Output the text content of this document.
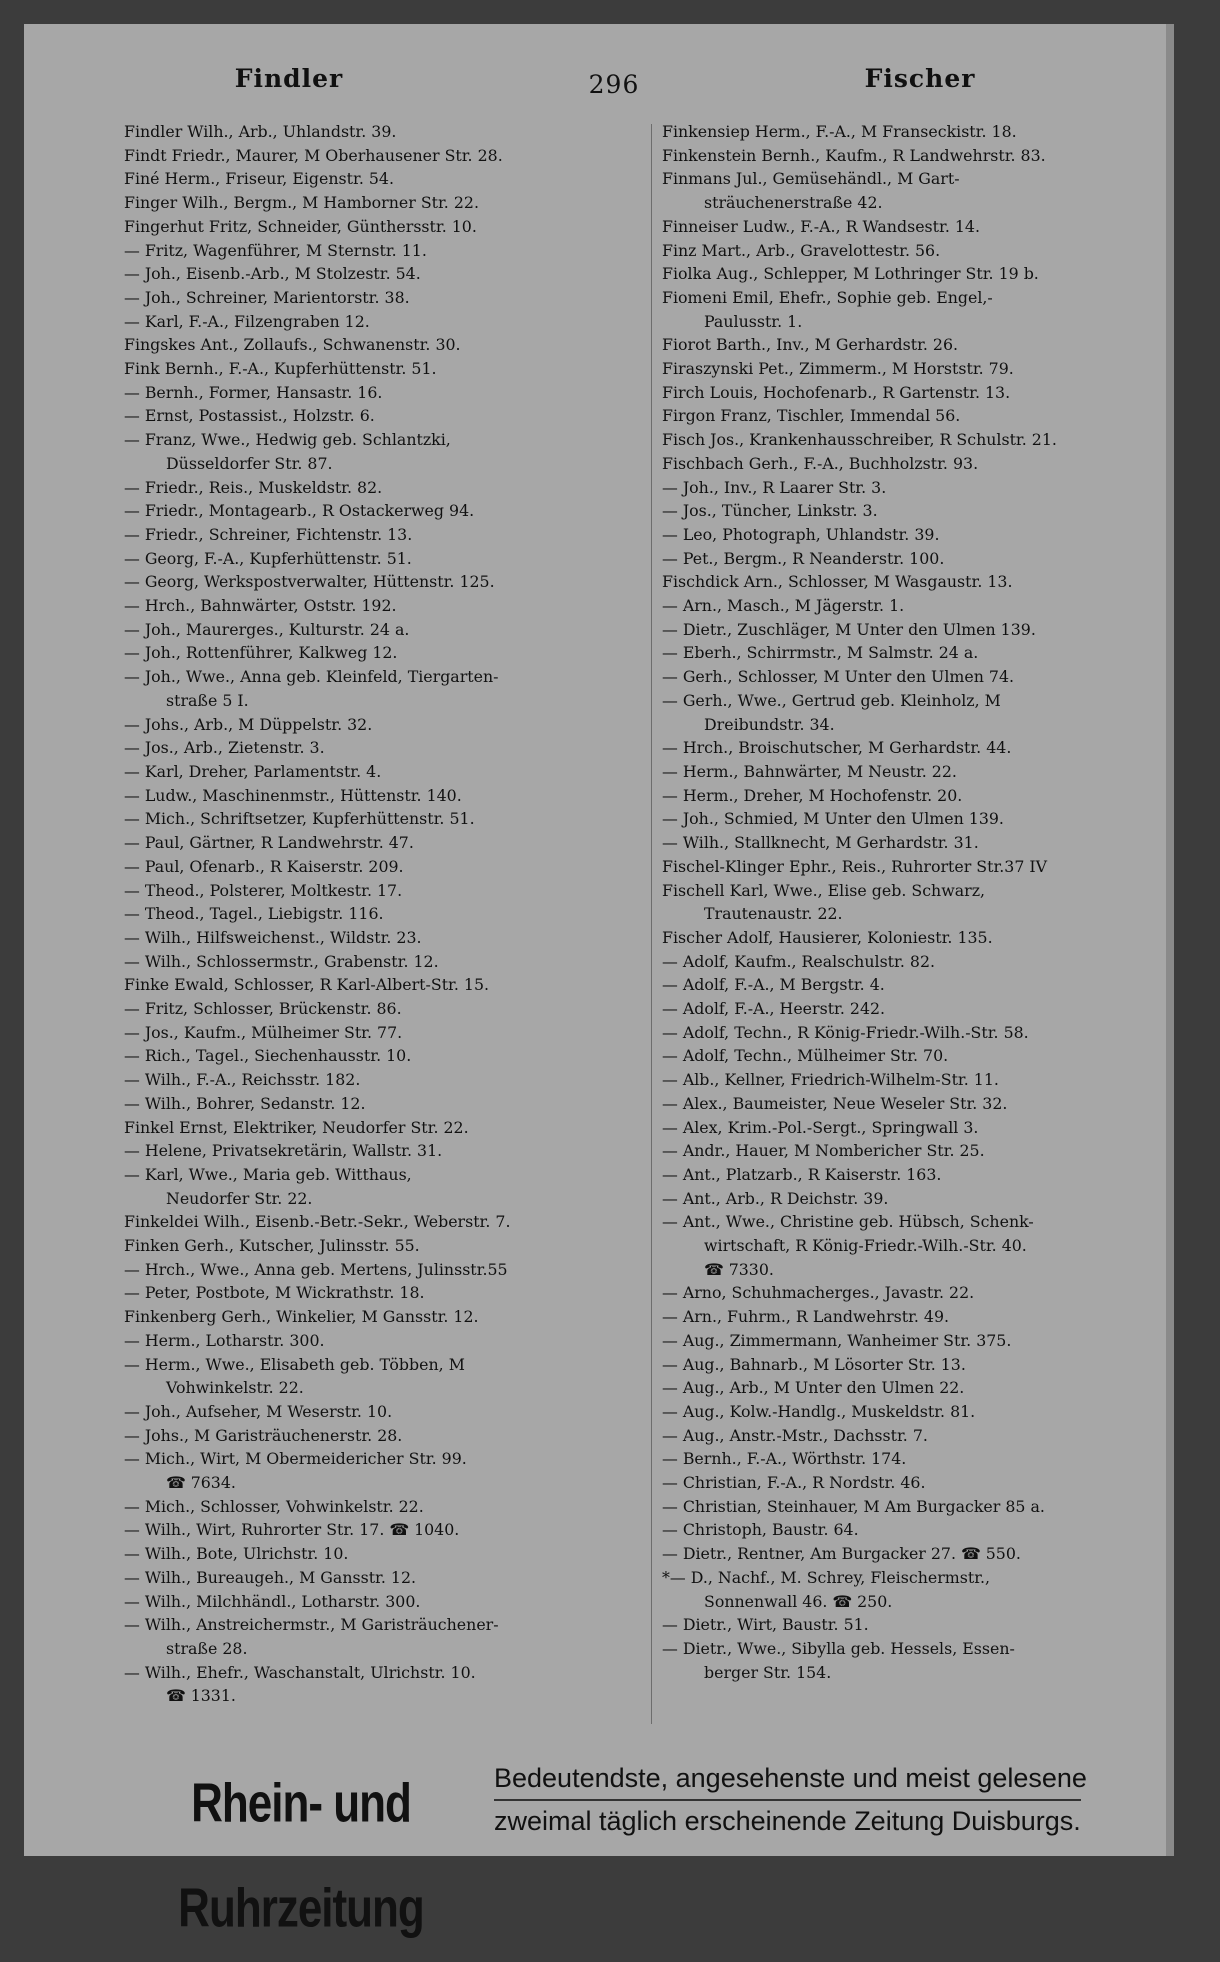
Findler	296	Fischer
Findler Wilh., Arb., Uhlandstr. 39.
Findt Friedr., Maurer, M Oberhausener Str. 28.
Finé Herm., Friseur, Eigenstr. 54.
Finger Wilh., Bergm., M Hamborner Str. 22.
Fingerhut Fritz, Schneider, Günthersstr. 10.
— Fritz, Wagenführer, M Sternstr. 11.
— Joh., Eisenb.-Arb., M Stolzestr. 54.
— Joh., Schreiner, Marientorstr. 38.
— Karl, F.-A., Filzengraben 12.
Fingskes Ant., Zollaufs., Schwanenstr. 30.
Fink Bernh., F.-A., Kupferhüttenstr. 51.
— Bernh., Former, Hansastr. 16.
— Ernst, Postassist., Holzstr. 6.
— Franz, Wwe., Hedwig geb. Schlantzki,
Düsseldorfer Str. 87.
— Friedr., Reis., Muskeldstr. 82.
— Friedr., Montagearb., R Ostackerweg 94.
— Friedr., Schreiner, Fichtenstr. 13.
— Georg, F.-A., Kupferhüttenstr. 51.
— Georg, Werkspostverwalter, Hüttenstr. 125.
— Hrch., Bahnwärter, Oststr. 192.
— Joh., Maurerges., Kulturstr. 24 a.
— Joh., Rottenführer, Kalkweg 12.
— Joh., Wwe., Anna geb. Kleinfeld, Tiergarten-
straße 5 I.
— Johs., Arb., M Düppelstr. 32.
— Jos., Arb., Zietenstr. 3.
— Karl, Dreher, Parlamentstr. 4.
— Ludw., Maschinenmstr., Hüttenstr. 140.
— Mich., Schriftsetzer, Kupferhüttenstr. 51.
— Paul, Gärtner, R Landwehrstr. 47.
— Paul, Ofenarb., R Kaiserstr. 209.
— Theod., Polsterer, Moltkestr. 17.
— Theod., Tagel., Liebigstr. 116.
— Wilh., Hilfsweichenst., Wildstr. 23.
— Wilh., Schlossermstr., Grabenstr. 12.
Finke Ewald, Schlosser, R Karl-Albert-Str. 15.
— Fritz, Schlosser, Brückenstr. 86.
— Jos., Kaufm., Mülheimer Str. 77.
— Rich., Tagel., Siechenhausstr. 10.
— Wilh., F.-A., Reichsstr. 182.
— Wilh., Bohrer, Sedanstr. 12.
Finkel Ernst, Elektriker, Neudorfer Str. 22.
— Helene, Privatsekretärin, Wallstr. 31.
— Karl, Wwe., Maria geb. Witthaus,
Neudorfer Str. 22.
Finkeldei Wilh., Eisenb.-Betr.-Sekr., Weberstr. 7.
Finken Gerh., Kutscher, Julinsstr. 55.
— Hrch., Wwe., Anna geb. Mertens, Julinsstr.55
— Peter, Postbote, M Wickrathstr. 18.
Finkenberg Gerh., Winkelier, M Gansstr. 12.
— Herm., Lotharstr. 300.
— Herm., Wwe., Elisabeth geb. Többen, M
Vohwinkelstr. 22.
— Joh., Aufseher, M Weserstr. 10.
— Johs., M Garisträuchenerstr. 28.
— Mich., Wirt, M Obermeidericher Str. 99.
☎ 7634.
— Mich., Schlosser, Vohwinkelstr. 22.
— Wilh., Wirt, Ruhrorter Str. 17. ☎ 1040.
— Wilh., Bote, Ulrichstr. 10.
— Wilh., Bureaugeh., M Gansstr. 12.
— Wilh., Milchhändl., Lotharstr. 300.
— Wilh., Anstreichermstr., M Garisträuchener-
straße 28.
— Wilh., Ehefr., Waschanstalt, Ulrichstr. 10.
☎ 1331.
Finkensiep Herm., F.-A., M Franseckistr. 18.
Finkenstein Bernh., Kaufm., R Landwehrstr. 83.
Finmans Jul., Gemüsehändl., M Gart-
sträuchenerstraße 42.
Finneiser Ludw., F.-A., R Wandsestr. 14.
Finz Mart., Arb., Gravelottestr. 56.
Fiolka Aug., Schlepper, M Lothringer Str. 19 b.
Fiomeni Emil, Ehefr., Sophie geb. Engel,-
Paulusstr. 1.
Fiorot Barth., Inv., M Gerhardstr. 26.
Firaszynski Pet., Zimmerm., M Horststr. 79.
Firch Louis, Hochofenarb., R Gartenstr. 13.
Firgon Franz, Tischler, Immendal 56.
Fisch Jos., Krankenhausschreiber, R Schulstr. 21.
Fischbach Gerh., F.-A., Buchholzstr. 93.
— Joh., Inv., R Laarer Str. 3.
— Jos., Tüncher, Linkstr. 3.
— Leo, Photograph, Uhlandstr. 39.
— Pet., Bergm., R Neanderstr. 100.
Fischdick Arn., Schlosser, M Wasgaustr. 13.
— Arn., Masch., M Jägerstr. 1.
— Dietr., Zuschläger, M Unter den Ulmen 139.
— Eberh., Schirrmstr., M Salmstr. 24 a.
— Gerh., Schlosser, M Unter den Ulmen 74.
— Gerh., Wwe., Gertrud geb. Kleinholz, M
Dreibundstr. 34.
— Hrch., Broischutscher, M Gerhardstr. 44.
— Herm., Bahnwärter, M Neustr. 22.
— Herm., Dreher, M Hochofenstr. 20.
— Joh., Schmied, M Unter den Ulmen 139.
— Wilh., Stallknecht, M Gerhardstr. 31.
Fischel-Klinger Ephr., Reis., Ruhrorter Str.37 IV
Fischell Karl, Wwe., Elise geb. Schwarz,
Trautenaustr. 22.
Fischer Adolf, Hausierer, Koloniestr. 135.
— Adolf, Kaufm., Realschulstr. 82.
— Adolf, F.-A., M Bergstr. 4.
— Adolf, F.-A., Heerstr. 242.
— Adolf, Techn., R König-Friedr.-Wilh.-Str. 58.
— Adolf, Techn., Mülheimer Str. 70.
— Alb., Kellner, Friedrich-Wilhelm-Str. 11.
— Alex., Baumeister, Neue Weseler Str. 32.
— Alex, Krim.-Pol.-Sergt., Springwall 3.
— Andr., Hauer, M Nombericher Str. 25.
— Ant., Platzarb., R Kaiserstr. 163.
— Ant., Arb., R Deichstr. 39.
— Ant., Wwe., Christine geb. Hübsch, Schenk-
wirtschaft, R König-Friedr.-Wilh.-Str. 40.
☎ 7330.
— Arno, Schuhmacherges., Javastr. 22.
— Arn., Fuhrm., R Landwehrstr. 49.
— Aug., Zimmermann, Wanheimer Str. 375.
— Aug., Bahnarb., M Lösorter Str. 13.
— Aug., Arb., M Unter den Ulmen 22.
— Aug., Kolw.-Handlg., Muskeldstr. 81.
— Aug., Anstr.-Mstr., Dachsstr. 7.
— Bernh., F.-A., Wörthstr. 174.
— Christian, F.-A., R Nordstr. 46.
— Christian, Steinhauer, M Am Burgacker 85 a.
— Christoph, Baustr. 64.
— Dietr., Rentner, Am Burgacker 27. ☎ 550.
*— D., Nachf., M. Schrey, Fleischermstr.,
Sonnenwall 46. ☎ 250.
— Dietr., Wirt, Baustr. 51.
— Dietr., Wwe., Sibylla geb. Hessels, Essen-
berger Str. 154.
Rhein- und Ruhrzeitung
Bedeutendste, angesehenste und meist gelesene
zweimal täglich erscheinende Zeitung Duisburgs.
